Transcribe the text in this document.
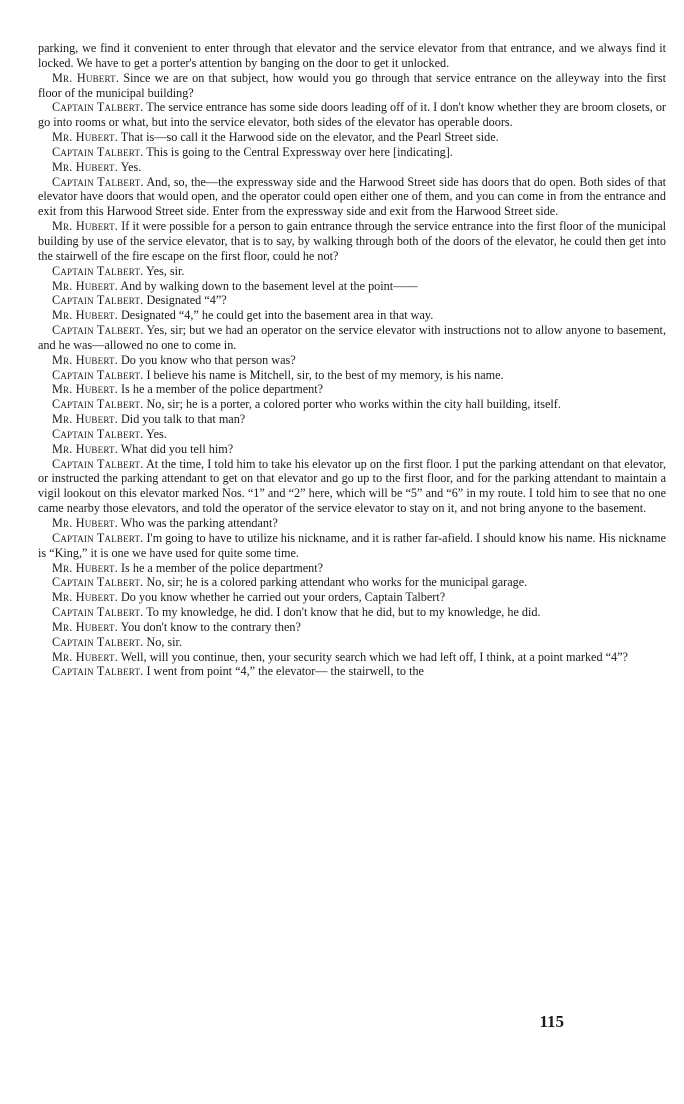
parking, we find it convenient to enter through that elevator and the service elevator from that entrance, and we always find it locked. We have to get a porter's attention by banging on the door to get it unlocked.

Mr. Hubert. Since we are on that subject, how would you go through that service entrance on the alleyway into the first floor of the municipal building?

Captain Talbert. The service entrance has some side doors leading off of it. I don't know whether they are broom closets, or go into rooms or what, but into the service elevator, both sides of the elevator has operable doors.

Mr. Hubert. That is—so call it the Harwood side on the elevator, and the Pearl Street side.

Captain Talbert. This is going to the Central Expressway over here [indicating].

Mr. Hubert. Yes.

Captain Talbert. And, so, the—the expressway side and the Harwood Street side has doors that do open. Both sides of that elevator have doors that would open, and the operator could open either one of them, and you can come in from the entrance and exit from this Harwood Street side. Enter from the expressway side and exit from the Harwood Street side.

Mr. Hubert. If it were possible for a person to gain entrance through the service entrance into the first floor of the municipal building by use of the service elevator, that is to say, by walking through both of the doors of the elevator, he could then get into the stairwell of the fire escape on the first floor, could he not?

Captain Talbert. Yes, sir.

Mr. Hubert. And by walking down to the basement level at the point——

Captain Talbert. Designated “4”?

Mr. Hubert. Designated “4,” he could get into the basement area in that way.

Captain Talbert. Yes, sir; but we had an operator on the service elevator with instructions not to allow anyone to basement, and he was—allowed no one to come in.

Mr. Hubert. Do you know who that person was?

Captain Talbert. I believe his name is Mitchell, sir, to the best of my memory, is his name.

Mr. Hubert. Is he a member of the police department?

Captain Talbert. No, sir; he is a porter, a colored porter who works within the city hall building, itself.

Mr. Hubert. Did you talk to that man?

Captain Talbert. Yes.

Mr. Hubert. What did you tell him?

Captain Talbert. At the time, I told him to take his elevator up on the first floor. I put the parking attendant on that elevator, or instructed the parking attendant to get on that elevator and go up to the first floor, and for the parking attendant to maintain a vigil lookout on this elevator marked Nos. “1” and “2” here, which will be “5” and “6” in my route. I told him to see that no one came nearby those elevators, and told the operator of the service elevator to stay on it, and not bring anyone to the basement.

Mr. Hubert. Who was the parking attendant?

Captain Talbert. I'm going to have to utilize his nickname, and it is rather far-afield. I should know his name. His nickname is “King,” it is one we have used for quite some time.

Mr. Hubert. Is he a member of the police department?

Captain Talbert. No, sir; he is a colored parking attendant who works for the municipal garage.

Mr. Hubert. Do you know whether he carried out your orders, Captain Talbert?

Captain Talbert. To my knowledge, he did. I don't know that he did, but to my knowledge, he did.

Mr. Hubert. You don't know to the contrary then?

Captain Talbert. No, sir.

Mr. Hubert. Well, will you continue, then, your security search which we had left off, I think, at a point marked “4”?

Captain Talbert. I went from point “4,” the elevator— the stairwell, to the

115
